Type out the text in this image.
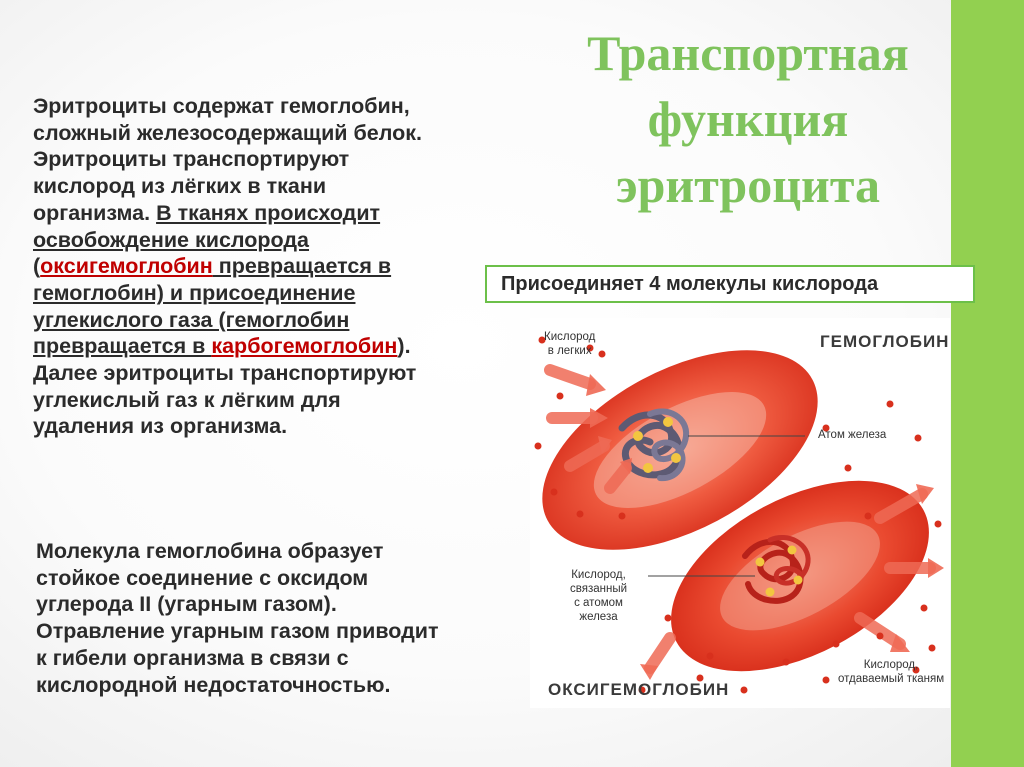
Транспортная
функция
эритроцита
Эритроциты содержат гемоглобин,
сложный железосодержащий белок.
Эритроциты транспортируют
кислород из лёгких в ткани
организма. В тканях происходит
освобождение кислорода
(оксигемоглобин превращается в
гемоглобин) и присоединение
углекислого газа (гемоглобин
превращается в карбогемоглобин).
Далее эритроциты транспортируют
углекислый газ к лёгким для
удаления из организма.
Присоединяет 4 молекулы кислорода
Кислород
в легких	ГЕМОГЛОБИН
Атом железа
Кислород,
связанный
с атомом
железа
Кислород,
отдаваемый тканям
ОКСИГЕМОГЛОБИН
Молекула гемоглобина образует
стойкое соединение с оксидом
углерода II (угарным газом).
Отравление угарным газом приводит
к гибели организма в связи с
кислородной недостаточностью.
